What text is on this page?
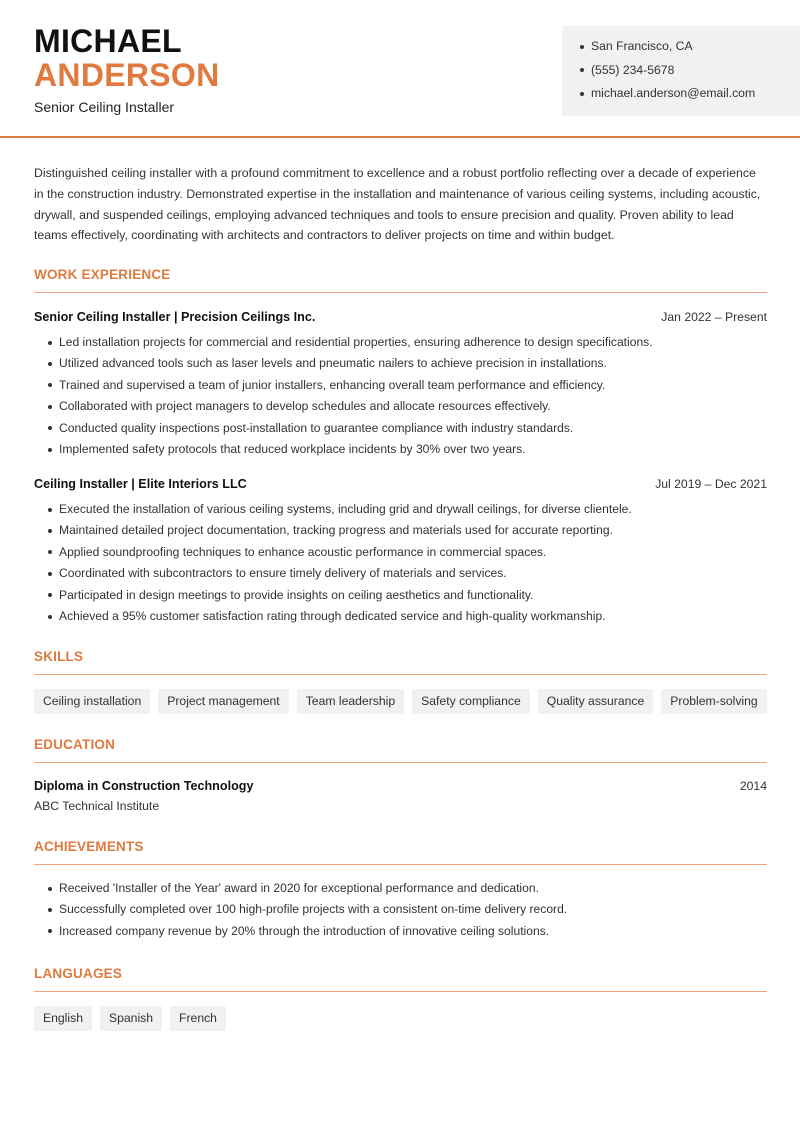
MICHAEL
ANDERSON
Senior Ceiling Installer
San Francisco, CA
(555) 234-5678
michael.anderson@email.com

Distinguished ceiling installer with a profound commitment to excellence and a robust portfolio reflecting over a decade of experience in the construction industry. Demonstrated expertise in the installation and maintenance of various ceiling systems, including acoustic, drywall, and suspended ceilings, employing advanced techniques and tools to ensure precision and quality. Proven ability to lead teams effectively, coordinating with architects and contractors to deliver projects on time and within budget.

WORK EXPERIENCE
Senior Ceiling Installer | Precision Ceilings Inc.	Jan 2022 – Present
Led installation projects for commercial and residential properties, ensuring adherence to design specifications.
Utilized advanced tools such as laser levels and pneumatic nailers to achieve precision in installations.
Trained and supervised a team of junior installers, enhancing overall team performance and efficiency.
Collaborated with project managers to develop schedules and allocate resources effectively.
Conducted quality inspections post-installation to guarantee compliance with industry standards.
Implemented safety protocols that reduced workplace incidents by 30% over two years.
Ceiling Installer | Elite Interiors LLC	Jul 2019 – Dec 2021
Executed the installation of various ceiling systems, including grid and drywall ceilings, for diverse clientele.
Maintained detailed project documentation, tracking progress and materials used for accurate reporting.
Applied soundproofing techniques to enhance acoustic performance in commercial spaces.
Coordinated with subcontractors to ensure timely delivery of materials and services.
Participated in design meetings to provide insights on ceiling aesthetics and functionality.
Achieved a 95% customer satisfaction rating through dedicated service and high-quality workmanship.
SKILLS
Ceiling installation	Project management	Team leadership	Safety compliance	Quality assurance	Problem-solving
EDUCATION
Diploma in Construction Technology	2014
ABC Technical Institute
ACHIEVEMENTS
Received 'Installer of the Year' award in 2020 for exceptional performance and dedication.
Successfully completed over 100 high-profile projects with a consistent on-time delivery record.
Increased company revenue by 20% through the introduction of innovative ceiling solutions.
LANGUAGES
English	Spanish	French
